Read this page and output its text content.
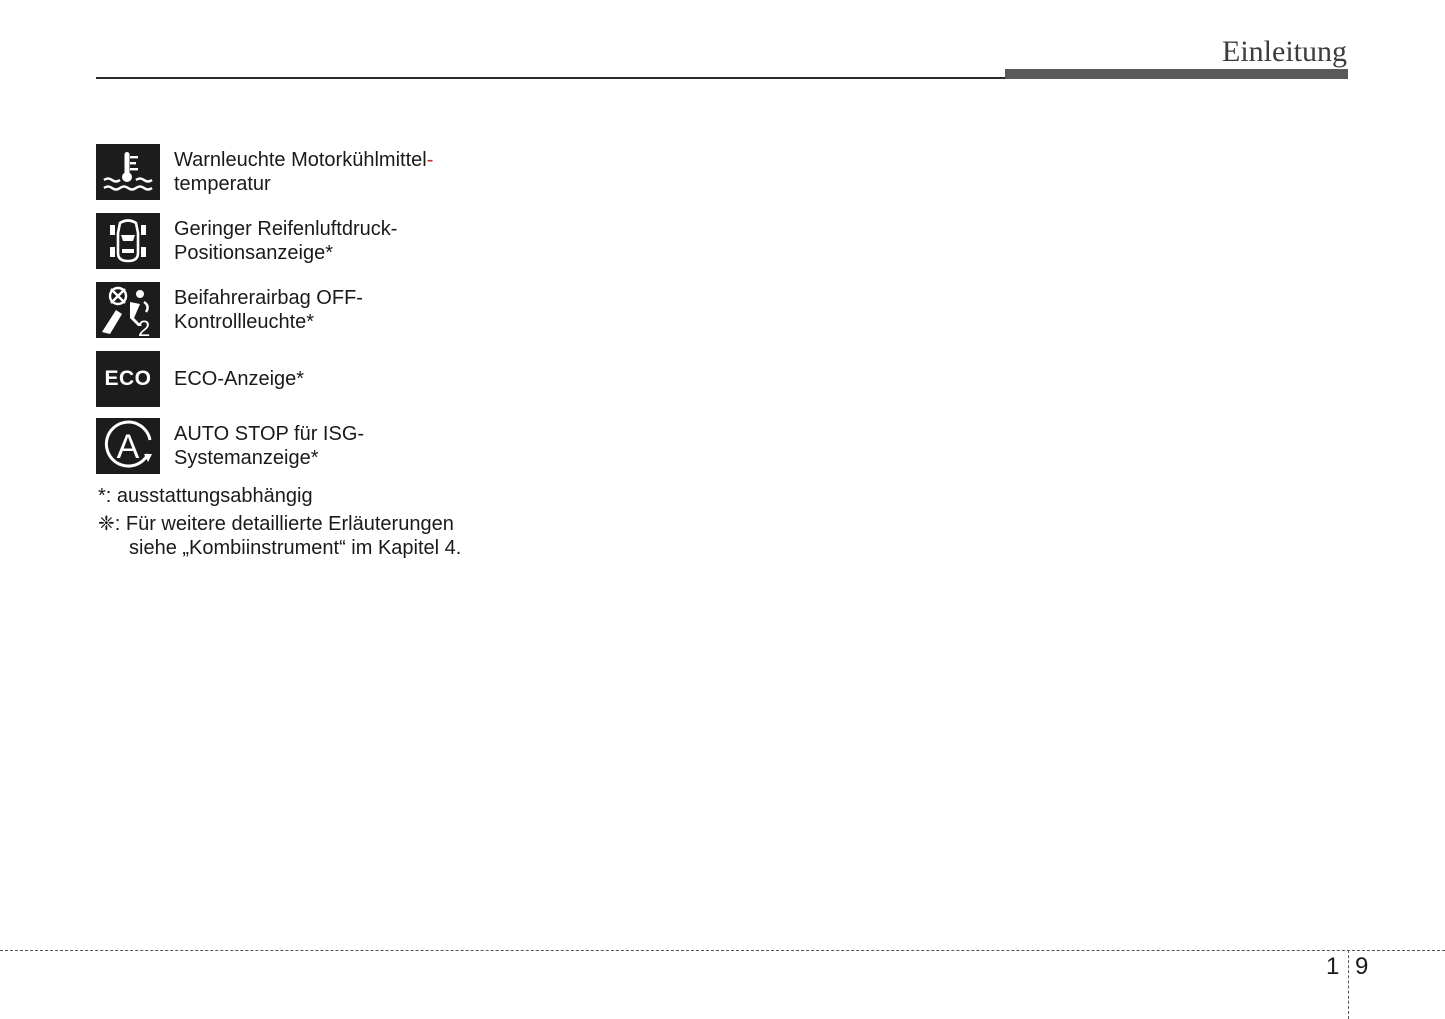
Einleitung
Warnleuchte Motorkühlmittel-
temperatur
Geringer Reifenluftdruck-
Positionsanzeige*
2
Beifahrerairbag OFF-
Kontrollleuchte*
ECO ECO-Anzeige*
A AUTO STOP für ISG-
Systemanzeige*
*: ausstattungsabhängig
❈: Für weitere detaillierte Erläuterungen
siehe „Kombiinstrument“ im Kapitel 4.
1 9
